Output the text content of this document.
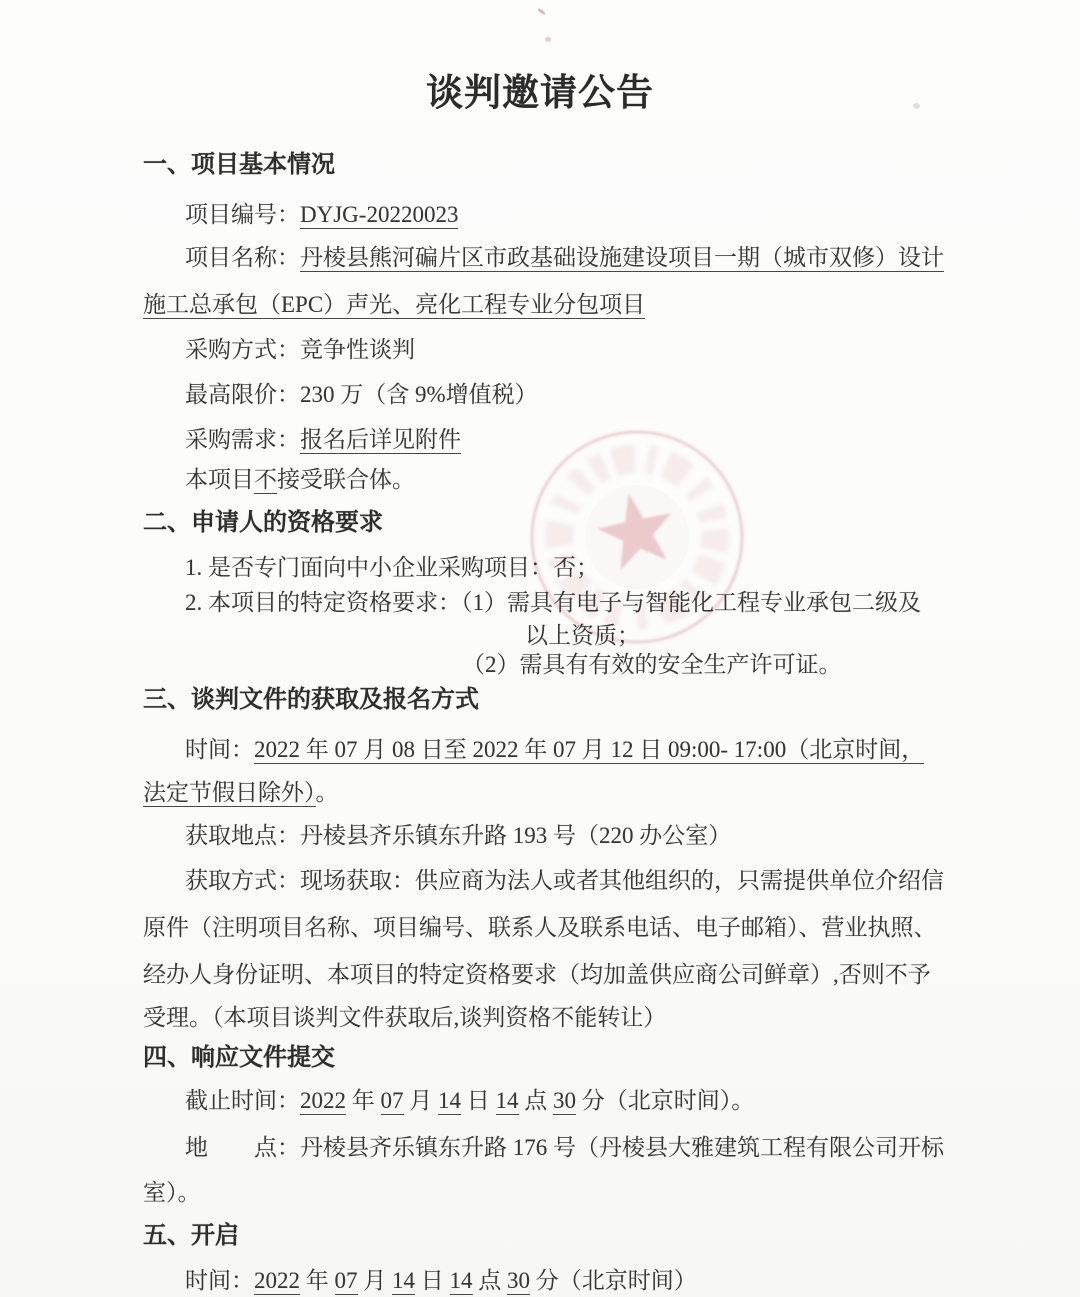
谈判邀请公告
一、项目基本情况
项目编号：DYJG-20220023
项目名称：丹棱县熊河碥片区市政基础设施建设项目一期（城市双修）设计
施工总承包（EPC）声光、亮化工程专业分包项目
采购方式：竞争性谈判
最高限价：230 万（含 9%增值税）
采购需求：报名后详见附件
本项目不接受联合体。
二、申请人的资格要求
1. 是否专门面向中小企业采购项目：否；
2. 本项目的特定资格要求：（1）需具有电子与智能化工程专业承包二级及
以上资质；
（2）需具有有效的安全生产许可证。
三、谈判文件的获取及报名方式
时间：2022 年 07 月 08 日至 2022 年 07 月 12 日 09:00- 17:00（北京时间，
法定节假日除外）。
获取地点：丹棱县齐乐镇东升路 193 号（220 办公室）
获取方式：现场获取：供应商为法人或者其他组织的，只需提供单位介绍信
原件（注明项目名称、项目编号、联系人及联系电话、电子邮箱）、营业执照、
经办人身份证明、本项目的特定资格要求（均加盖供应商公司鲜章）,否则不予
受理。（本项目谈判文件获取后,谈判资格不能转让）
四、响应文件提交
截止时间：2022 年 07 月 14 日 14 点 30 分（北京时间）。
地　　点：丹棱县齐乐镇东升路 176 号（丹棱县大雅建筑工程有限公司开标
室）。
五、开启
时间：2022 年 07 月 14 日 14 点 30 分（北京时间）
